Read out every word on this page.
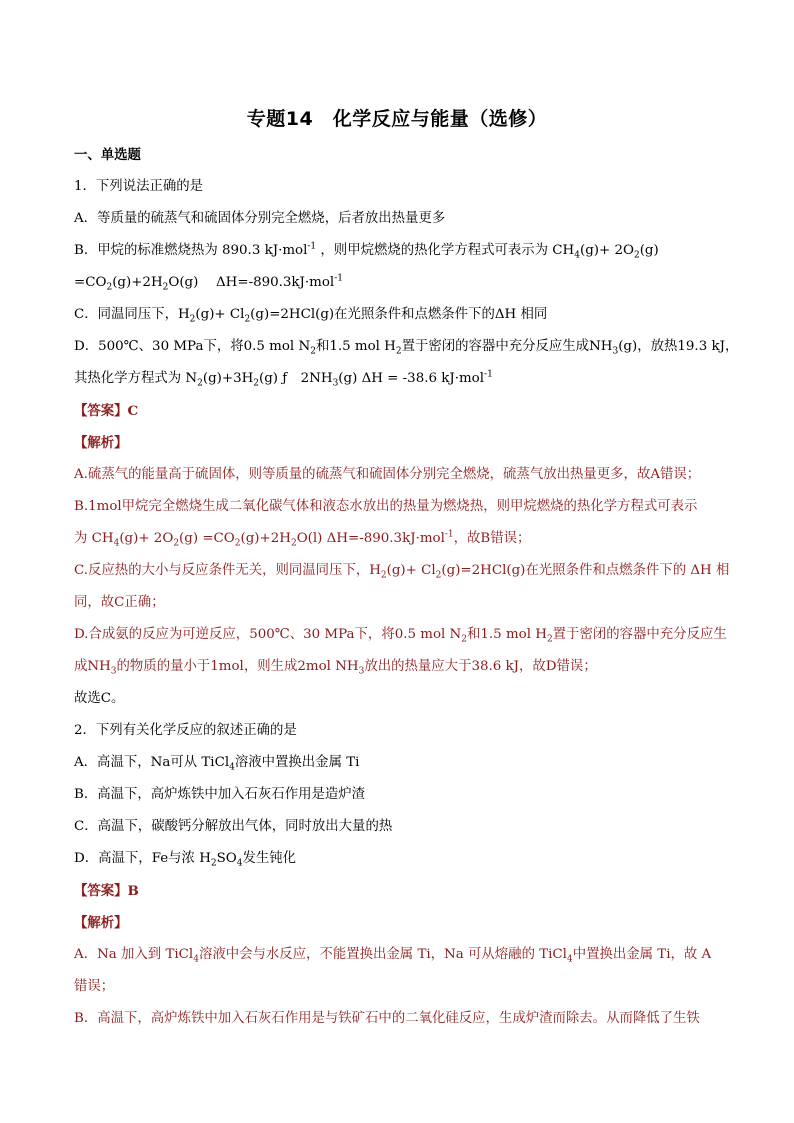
专题14　化学反应与能量（选修）
一、单选题
1．下列说法正确的是
A．等质量的硫蒸气和硫固体分别完全燃烧，后者放出热量更多
B．甲烷的标准燃烧热为 890.3 kJ·mol$^{-1}$ ，则甲烷燃烧的热化学方程式可表示为 $CH_4(g)+ 2O_2(g)$
$=CO_2(g)+2H_2O(g)$　 ΔH=-890.3kJ·mol$^{-1}$
C．同温同压下，$H_2(g)+ Cl_2(g)=2HCl(g)$在光照条件和点燃条件下的ΔH 相同
D．500℃、30 MPa下，将0.5 mol $N_2$和1.5 mol $H_2$置于密闭的容器中充分反应生成$NH_3(g)$，放热19.3 kJ，
其热化学方程式为 $N_2(g)+3H_2(g)$ ƒ　$2NH_3(g) \Delta H = -38.6$ kJ·mol$^{-1}$
【答案】C
【解析】
A.硫蒸气的能量高于硫固体，则等质量的硫蒸气和硫固体分别完全燃烧，硫蒸气放出热量更多，故A错误；
B.1mol甲烷完全燃烧生成二氧化碳气体和液态水放出的热量为燃烧热，则甲烷燃烧的热化学方程式可表示
为 $CH_4(g)+ 2O_2(g) =CO_2(g)+2H_2O(l)$ ΔH=-890.3kJ·mol$^{-1}$，故B错误；
C.反应热的大小与反应条件无关，则同温同压下，$H_2(g)+ Cl_2(g)=2HCl(g)$在光照条件和点燃条件下的 ΔH 相
同，故C正确；
D.合成氨的反应为可逆反应，500℃、30 MPa下，将0.5 mol $N_2$和1.5 mol $H_2$置于密闭的容器中充分反应生
成$NH_3$的物质的量小于1mol，则生成2mol $NH_3$放出的热量应大于38.6 kJ，故D错误；
故选C。
2．下列有关化学反应的叙述正确的是
A．高温下，Na可从 TiCl$_4$溶液中置换出金属 Ti
B．高温下，高炉炼铁中加入石灰石作用是造炉渣
C．高温下，碳酸钙分解放出气体，同时放出大量的热
D．高温下，Fe与浓 $H_2SO_4$发生钝化
【答案】B
【解析】
A．Na 加入到 TiCl$_4$溶液中会与水反应，不能置换出金属 Ti，Na 可从熔融的 TiCl$_4$中置换出金属 Ti，故 A
错误；
B．高温下，高炉炼铁中加入石灰石作用是与铁矿石中的二氧化硅反应，生成炉渣而除去。从而降低了生铁
